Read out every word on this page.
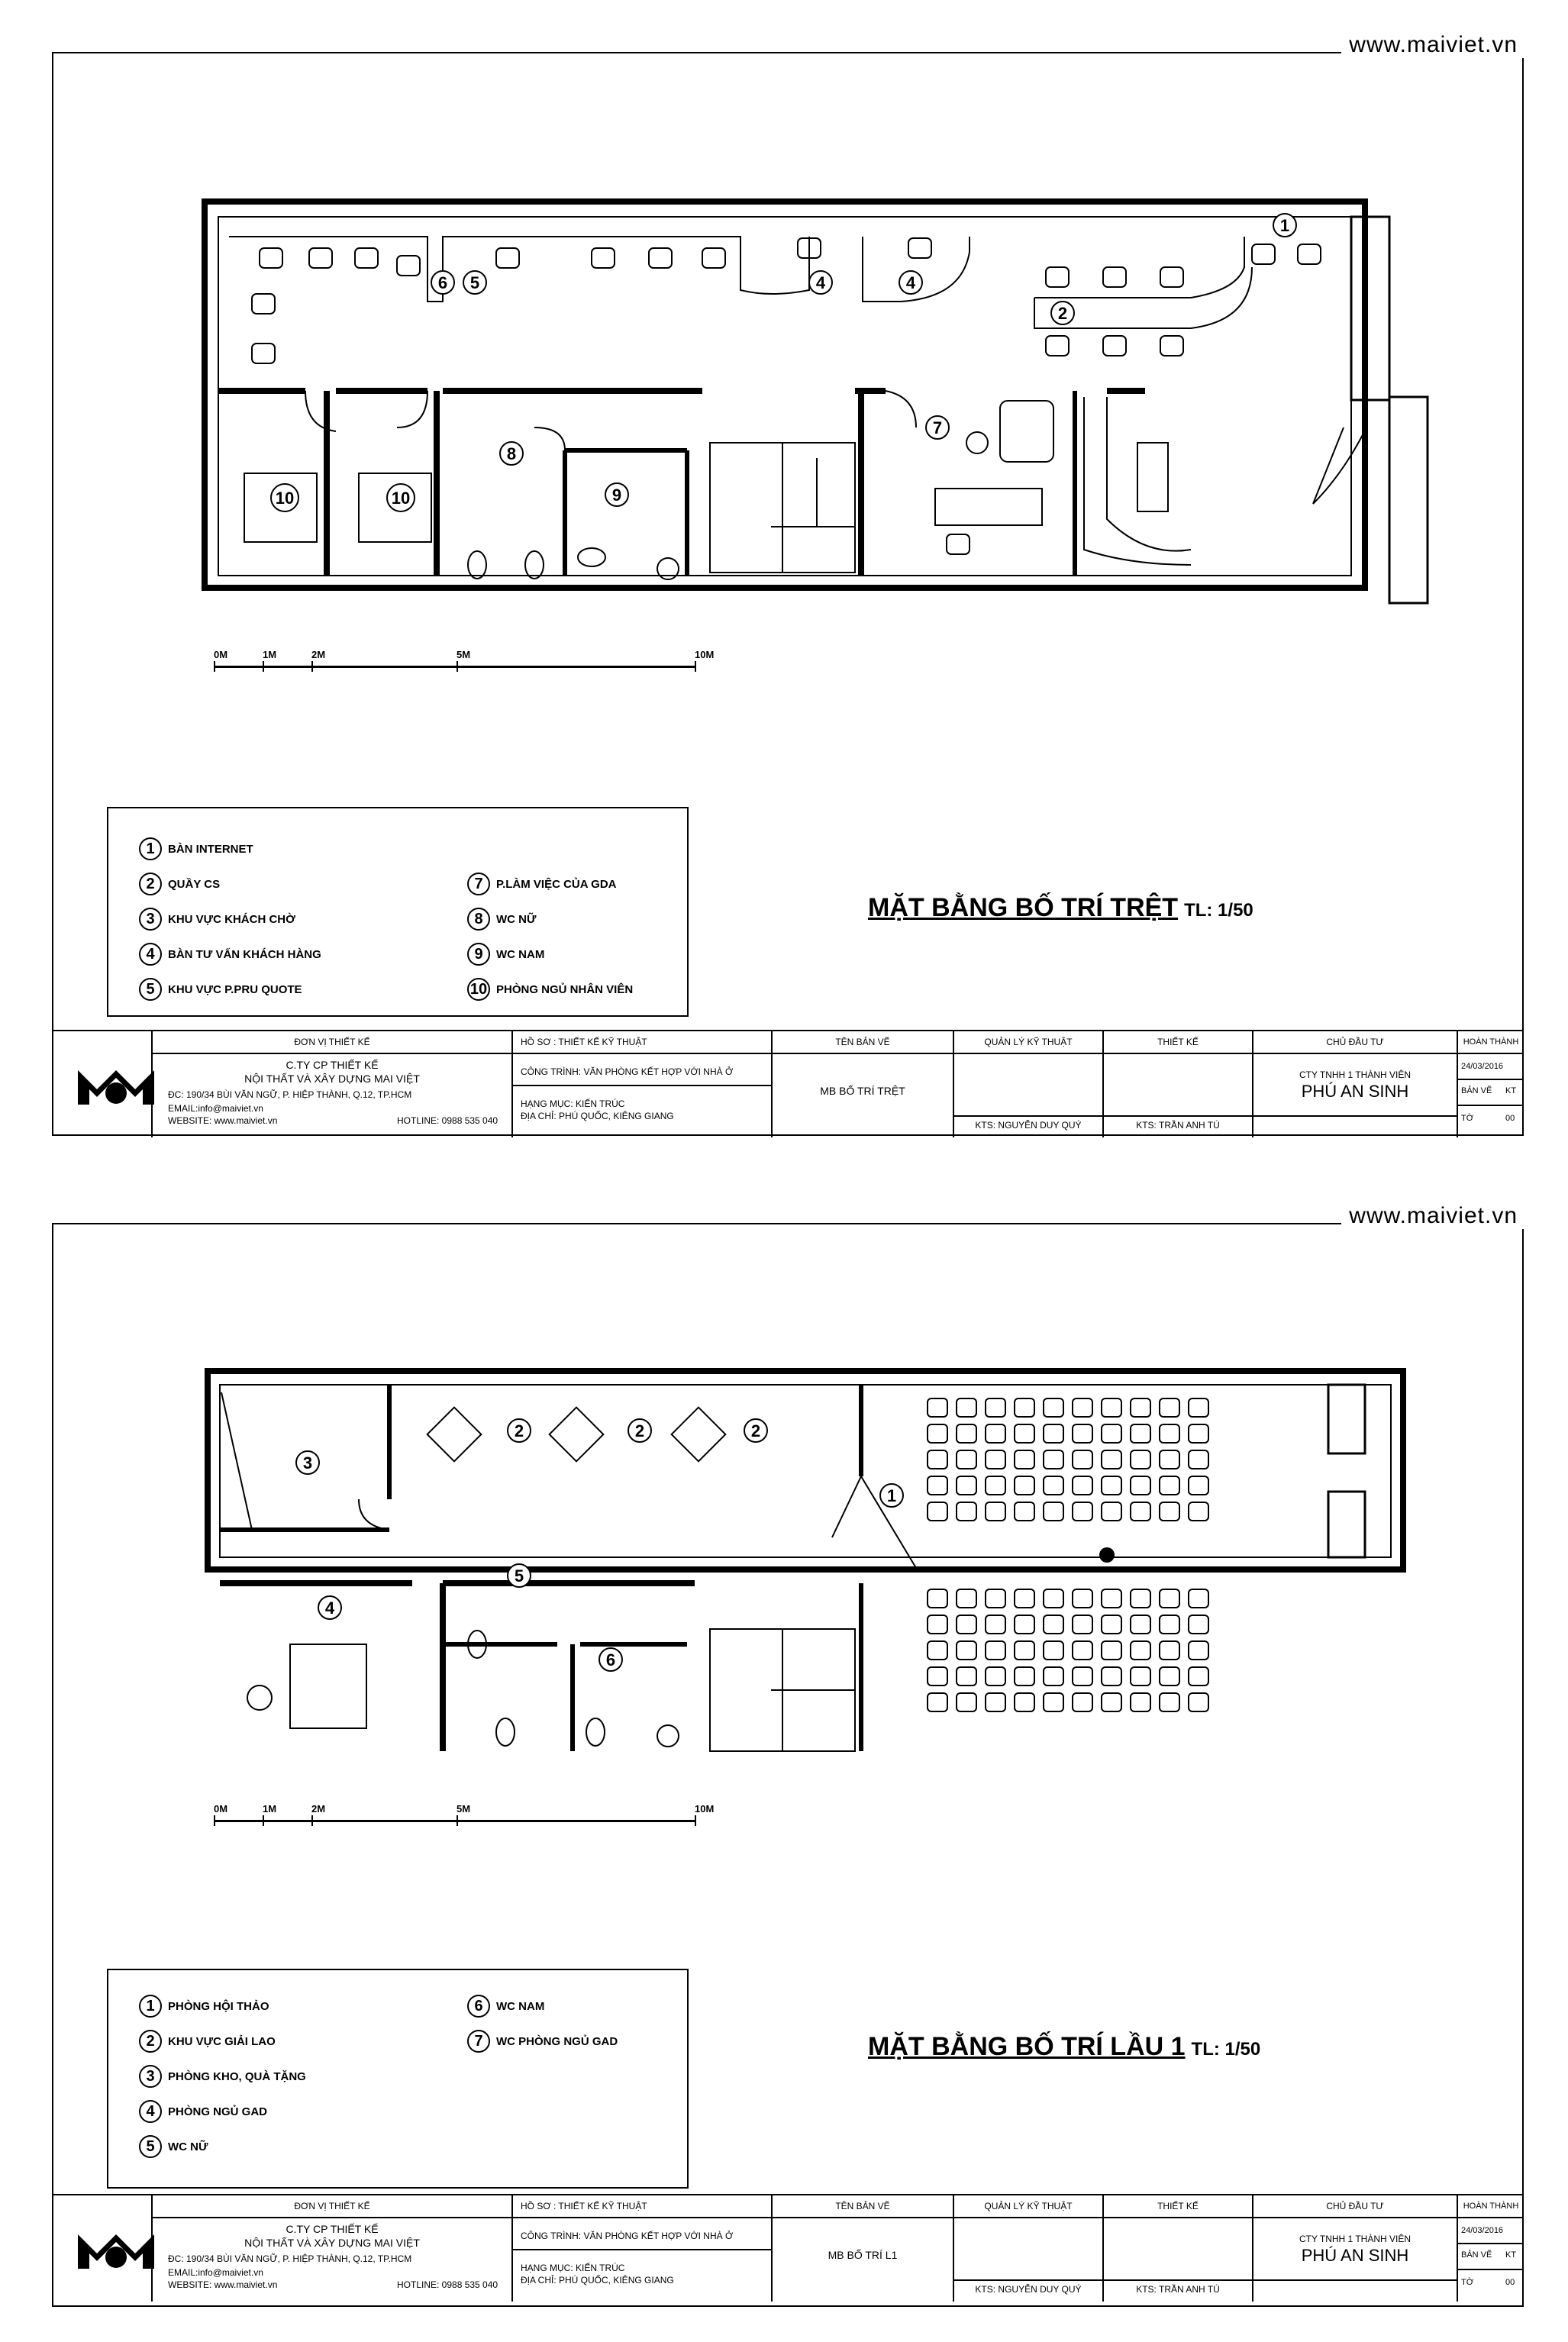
www.maiviet.vn
1
2
4	4
5
6
7
8
9
10	10
0M	1M	2M	5M	10M
1	BÀN INTERNET
2	QUẦY CS
3	KHU VỰC KHÁCH CHỜ
4	BÀN TƯ VẤN KHÁCH HÀNG
5	KHU VỰC P.PRU QUOTE
7	P.LÀM VIỆC CỦA GDA
8	WC NỮ
9	WC NAM
10 PHÒNG NGỦ NHÂN VIÊN
MẶT BẰNG BỐ TRÍ TRỆT TL: 1/50
ĐƠN VỊ THIẾT KẾ
C.TY CP THIẾT KẾ
NỘI THẤT VÀ XÂY DỰNG MAI VIỆT
ĐC: 190/34 BÙI VĂN NGỮ, P. HIỆP THÀNH, Q.12, TP.HCM
EMAIL:info@maiviet.vn
WEBSITE: www.maiviet.vn	HOTLINE: 0988 535 040
HỒ SƠ : THIẾT KẾ KỸ THUẬT
CÔNG TRÌNH: VĂN PHÒNG KẾT HỢP VỚI NHÀ Ở
HẠNG MỤC: KIẾN TRÚC
ĐỊA CHỈ: PHÚ QUỐC, KIÊNG GIANG
TÊN BẢN VẼ
MB BỐ TRÍ TRỆT
QUẢN LÝ KỸ THUẬT
KTS: NGUYỄN DUY QUÝ
THIẾT KẾ
KTS: TRẦN ANH TÚ
CHỦ ĐẦU TƯ
CTY TNHH 1 THÀNH VIÊN
PHÚ AN SINH
HOÀN THÀNH
24/03/2016
BẢN VẼ KT
TỜ	00
www.maiviet.vn
1
2	2	2
3
4
5
6
0M	1M	2M	5M	10M
1	PHÒNG HỘI THẢO
2	KHU VỰC GIẢI LAO
3	PHÒNG KHO, QUÀ TẶNG
4	PHÒNG NGỦ GAD
5	WC NỮ
6	WC NAM
7	WC PHÒNG NGỦ GAD	MẶT BẰNG BỐ TRÍ LẦU 1 TL: 1/50
ĐƠN VỊ THIẾT KẾ
C.TY CP THIẾT KẾ
NỘI THẤT VÀ XÂY DỰNG MAI VIỆT
ĐC: 190/34 BÙI VĂN NGỮ, P. HIỆP THÀNH, Q.12, TP.HCM
EMAIL:info@maiviet.vn
WEBSITE: www.maiviet.vn	HOTLINE: 0988 535 040
HỒ SƠ : THIẾT KẾ KỸ THUẬT
CÔNG TRÌNH: VĂN PHÒNG KẾT HỢP VỚI NHÀ Ở
HẠNG MỤC: KIẾN TRÚC
ĐỊA CHỈ: PHÚ QUỐC, KIÊNG GIANG
TÊN BẢN VẼ
MB BỐ TRÍ L1
QUẢN LÝ KỸ THUẬT
KTS: NGUYỄN DUY QUÝ
THIẾT KẾ
KTS: TRẦN ANH TÚ
CHỦ ĐẦU TƯ
CTY TNHH 1 THÀNH VIÊN
PHÚ AN SINH
HOÀN THÀNH
24/03/2016
BẢN VẼ KT
TỜ	00
